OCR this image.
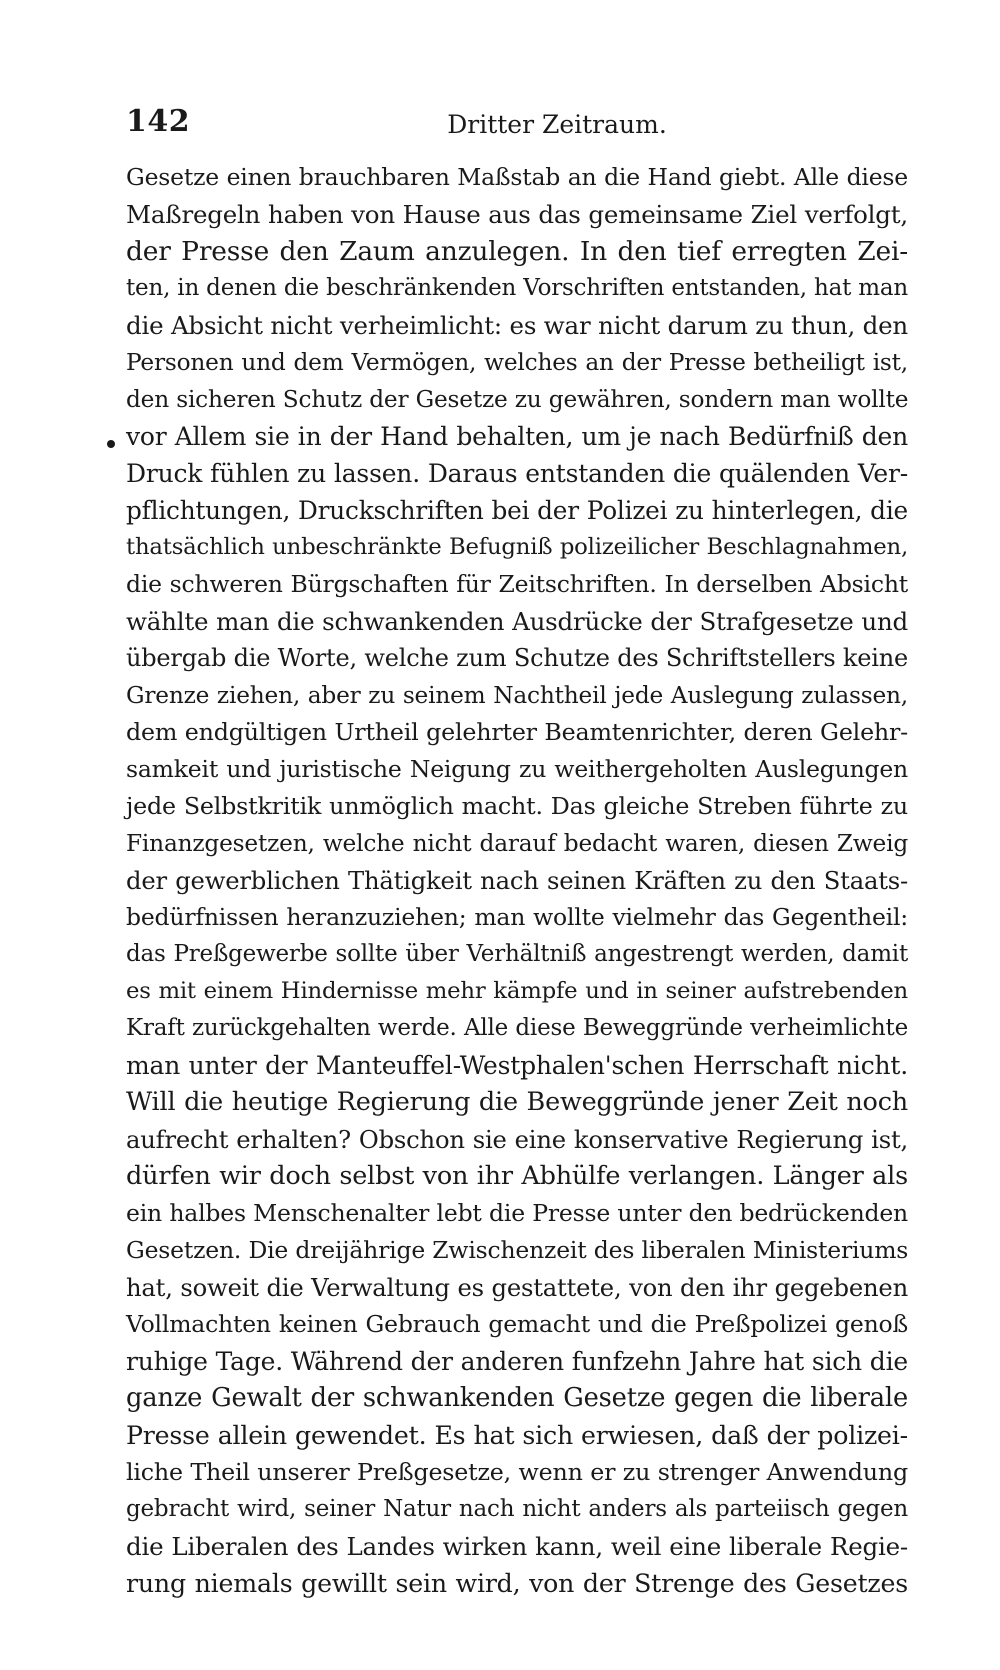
142	Dritter Zeitraum.
Gesetze einen brauchbaren Maßstab an die Hand giebt. Alle diese
Maßregeln haben von Hause aus das gemeinsame Ziel verfolgt,
der Presse den Zaum anzulegen. In den tief erregten Zei-
ten, in denen die beschränkenden Vorschriften entstanden, hat man
die Absicht nicht verheimlicht: es war nicht darum zu thun, den
Personen und dem Vermögen, welches an der Presse betheiligt ist,
den sicheren Schutz der Gesetze zu gewähren, sondern man wollte
vor Allem sie in der Hand behalten, um je nach Bedürfniß den
Druck fühlen zu lassen. Daraus entstanden die quälenden Ver-
pflichtungen, Druckschriften bei der Polizei zu hinterlegen, die
thatsächlich unbeschränkte Befugniß polizeilicher Beschlagnahmen,
die schweren Bürgschaften für Zeitschriften. In derselben Absicht
wählte man die schwankenden Ausdrücke der Strafgesetze und
übergab die Worte, welche zum Schutze des Schriftstellers keine
Grenze ziehen, aber zu seinem Nachtheil jede Auslegung zulassen,
dem endgültigen Urtheil gelehrter Beamtenrichter, deren Gelehr-
samkeit und juristische Neigung zu weithergeholten Auslegungen
jede Selbstkritik unmöglich macht. Das gleiche Streben führte zu
Finanzgesetzen, welche nicht darauf bedacht waren, diesen Zweig
der gewerblichen Thätigkeit nach seinen Kräften zu den Staats-
bedürfnissen heranzuziehen; man wollte vielmehr das Gegentheil:
das Preßgewerbe sollte über Verhältniß angestrengt werden, damit
es mit einem Hindernisse mehr kämpfe und in seiner aufstrebenden
Kraft zurückgehalten werde. Alle diese Beweggründe verheimlichte
man unter der Manteuffel-Westphalen'schen Herrschaft nicht.
Will die heutige Regierung die Beweggründe jener Zeit noch
aufrecht erhalten? Obschon sie eine konservative Regierung ist,
dürfen wir doch selbst von ihr Abhülfe verlangen. Länger als
ein halbes Menschenalter lebt die Presse unter den bedrückenden
Gesetzen. Die dreijährige Zwischenzeit des liberalen Ministeriums
hat, soweit die Verwaltung es gestattete, von den ihr gegebenen
Vollmachten keinen Gebrauch gemacht und die Preßpolizei genoß
ruhige Tage. Während der anderen funfzehn Jahre hat sich die
ganze Gewalt der schwankenden Gesetze gegen die liberale
Presse allein gewendet. Es hat sich erwiesen, daß der polizei-
liche Theil unserer Preßgesetze, wenn er zu strenger Anwendung
gebracht wird, seiner Natur nach nicht anders als parteiisch gegen
die Liberalen des Landes wirken kann, weil eine liberale Regie-
rung niemals gewillt sein wird, von der Strenge des Gesetzes
